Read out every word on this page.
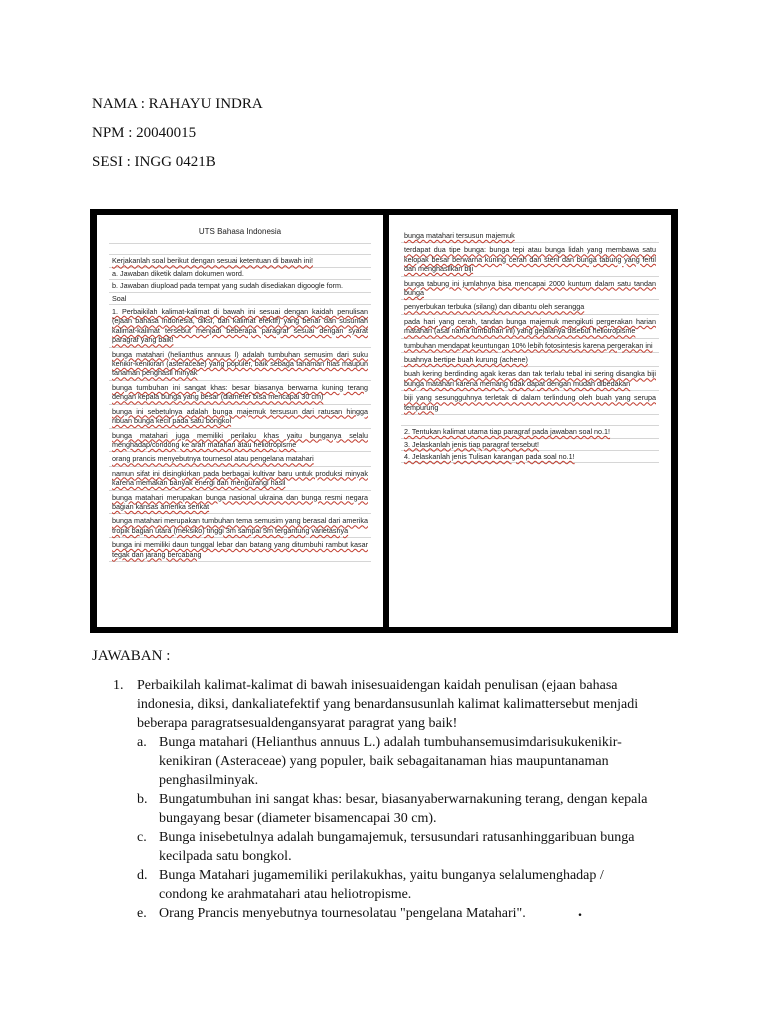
NAMA : RAHAYU INDRA
NPM : 20040015
SESI : INGG 0421B
UTS Bahasa Indonesia
Kerjakanlah soal berikut dengan sesuai ketentuan di bawah ini!
a. Jawaban diketik dalam dokumen word.
b. Jawaban diupload pada tempat yang sudah disediakan digoogle form.
Soal
1. Perbaikilah kalimat-kalimat di bawah ini sesuai dengan kaidah penulisan (ejaan bahasa indonesia, diksi, dan kalimat efektif) yang benar dan susunlah kalimat-kalimat tersebut menjadi beberapa paragraf sesuai dengan syarat paragraf yang baik!
bunga matahari (helianthus annuus l) adalah tumbuhan semusim dari suku kenikir-kenikiran (asteraceae) yang populer, baik sebaga tanaman hias maupun tanaman penghasil minyak
bunga tumbuhan ini sangat khas: besar biasanya berwarna kuning terang dengan kepala bunga yang besar (diameter bisa mencapai 30 cm)
bunga ini sebetulnya adalah bunga majemuk tersusun dari ratusan hingga ribuan bunga kecil pada satu bongkol
bunga matahari juga memiliki perilaku khas yaitu bunganya selalu menghadap/condong ke arah matahari atau heliotropisme
orang prancis menyebutnya tournesol atau pengelana matahari
namun sifat ini disingkirkan pada berbagai kultivar baru untuk produksi minyak karena memakan banyak energi dan mengurangi hasil
bunga matahari merupakan bunga nasional ukraina dan bunga resmi negara bagian kansas amerika serikat
bunga matahari merupakan tumbuhan tema semusim yang berasal dari amerika tropik bagian utara (meksiko) tinggi 3m sampai 5m tergantung varietasnya
bunga ini memiliki daun tunggal lebar dan batang yang ditumbuhi rambut kasar tegak dan jarang bercabang
bunga matahari tersusun majemuk
terdapat dua tipe bunga: bunga tepi atau bunga lidah yang membawa satu kelopak besar berwarna kuning cerah dan steril dan bunga tabung yang fertil dan menghasilkan biji
bunga tabung ini jumlahnya bisa mencapai 2000 kuntum dalam satu tandan bunga
penyerbukan terbuka (silang) dan dibantu oleh serangga
pada hari yang cerah, tandan bunga majemuk mengikuti pergerakan harian matahari (asal nama tumbuhan ini) yang gejalanya disebut heliotropisme
tumbuhan mendapat keuntungan 10% lebih fotosintesis karena pergerakan ini
buahnya bertipe buah kurung (achene)
buah kering berdinding agak keras dan tak terlalu tebal ini sering disangka biji bunga matahari karena memang tidak dapat dengan mudah dibedakan
biji yang sesungguhnya terletak di dalam terlindung oleh buah yang serupa tempurung
2. Tentukan kalimat utama tiap paragraf pada jawaban soal no.1!
3. Jelaskanlah jenis tiap paragraf tersebut!
4. Jelaskanlah jenis Tulisan karangan pada soal no.1!
JAWABAN :
1. Perbaikilah kalimat-kalimat di bawah inisesuaidengan kaidah penulisan (ejaan bahasa indonesia, diksi, dankaliatefektif yang benardansusunlah kalimat kalimattersebut menjadi beberapa paragratsesualdengansyarat paragrat yang baik!
a. Bunga matahari (Helianthus annuus L.) adalah tumbuhansemusimdarisukukenikir-kenikiran (Asteraceae) yang populer, baik sebagaitanaman hias maupuntanaman penghasilminyak.
b. Bungatumbuhan ini sangat khas: besar, biasanyaberwarnakuning terang, dengan kepala bungayang besar (diameter bisamencapai 30 cm).
c. Bunga inisebetulnya adalah bungamajemuk, tersusundari ratusanhinggaribuan bunga kecilpada satu bongkol.
d. Bunga Matahari jugamemiliki perilakukhas, yaitu bunganya selalumenghadap / condong ke arahmatahari atau heliotropisme.
e. Orang Prancis menyebutnya tournesolatau "pengelana Matahari".	.
